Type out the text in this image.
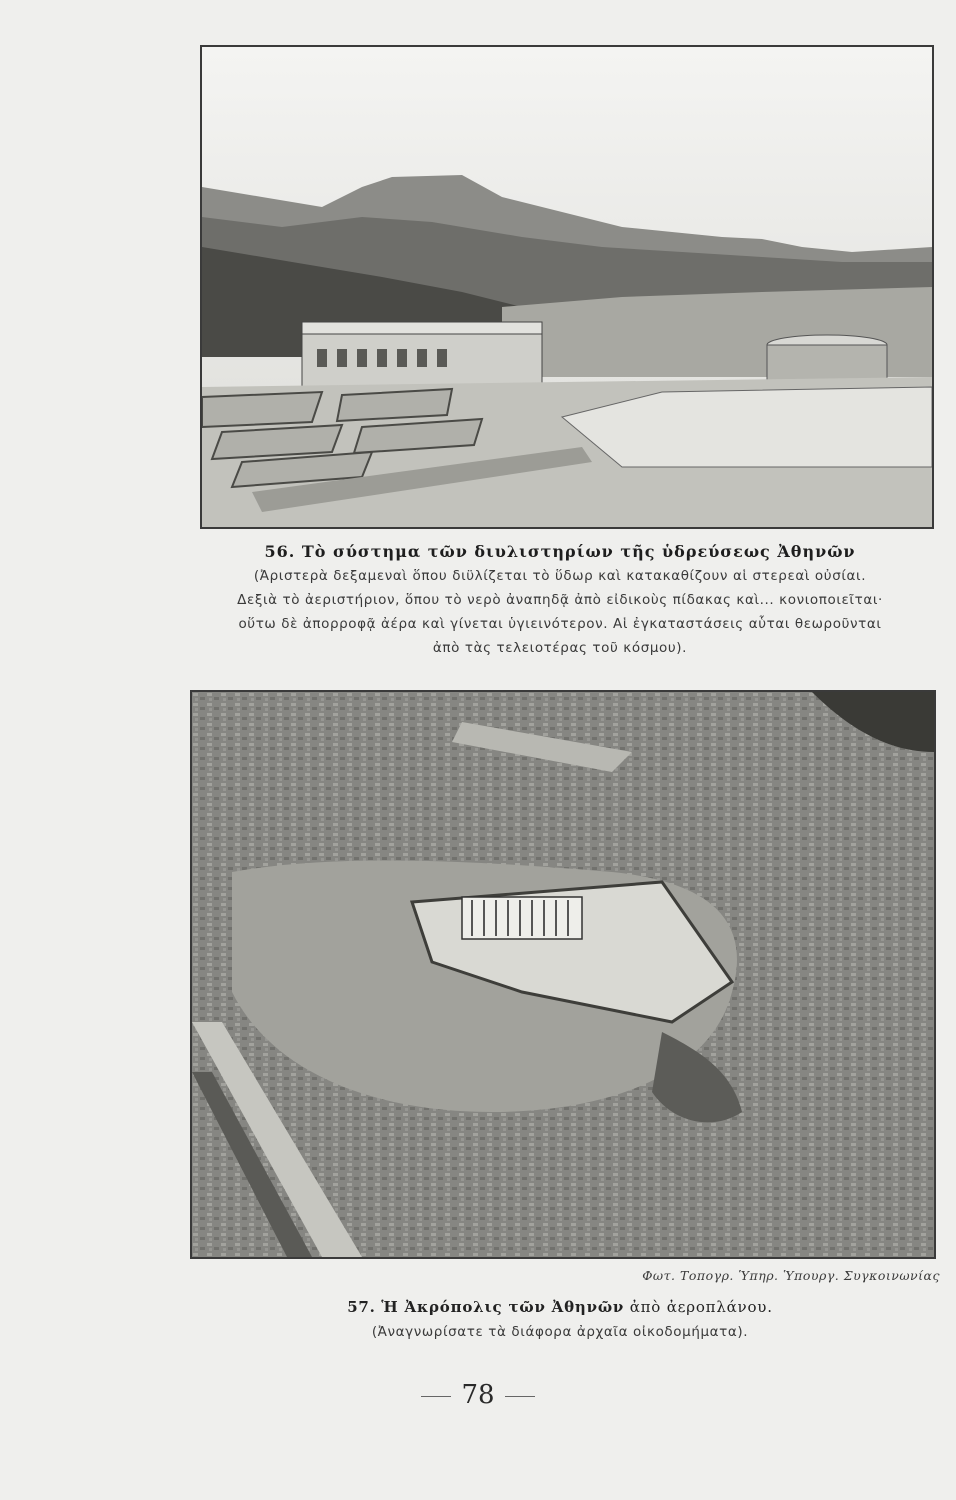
56. Τὸ σύστημα τῶν διυλιστηρίων τῆς ὑδρεύσεως Ἀθηνῶν
(Ἀριστερὰ δεξαμεναὶ ὅπου διϋλίζεται τὸ ὕδωρ καὶ κατακαθίζουν αἱ στερεαὶ οὐσίαι.
Δεξιὰ τὸ ἀεριστήριον, ὅπου τὸ νερὸ ἀναπηδᾷ ἀπὸ εἰδικοὺς πίδακας καὶ... κονιοποιεῖται·
οὕτω δὲ ἀπορροφᾷ ἀέρα καὶ γίνεται ὑγιεινότερον. Αἱ ἐγκαταστάσεις αὗται θεωροῦνται
ἀπὸ τὰς τελειοτέρας τοῦ κόσμου).
Φωτ. Τοπογρ. Ὑπηρ. Ὑπουργ. Συγκοινωνίας
57. Ἡ Ἀκρόπολις τῶν Ἀθηνῶν ἀπὸ ἀεροπλάνου.
(Ἀναγνωρίσατε τὰ διάφορα ἀρχαῖα οἰκοδομήματα).
78
